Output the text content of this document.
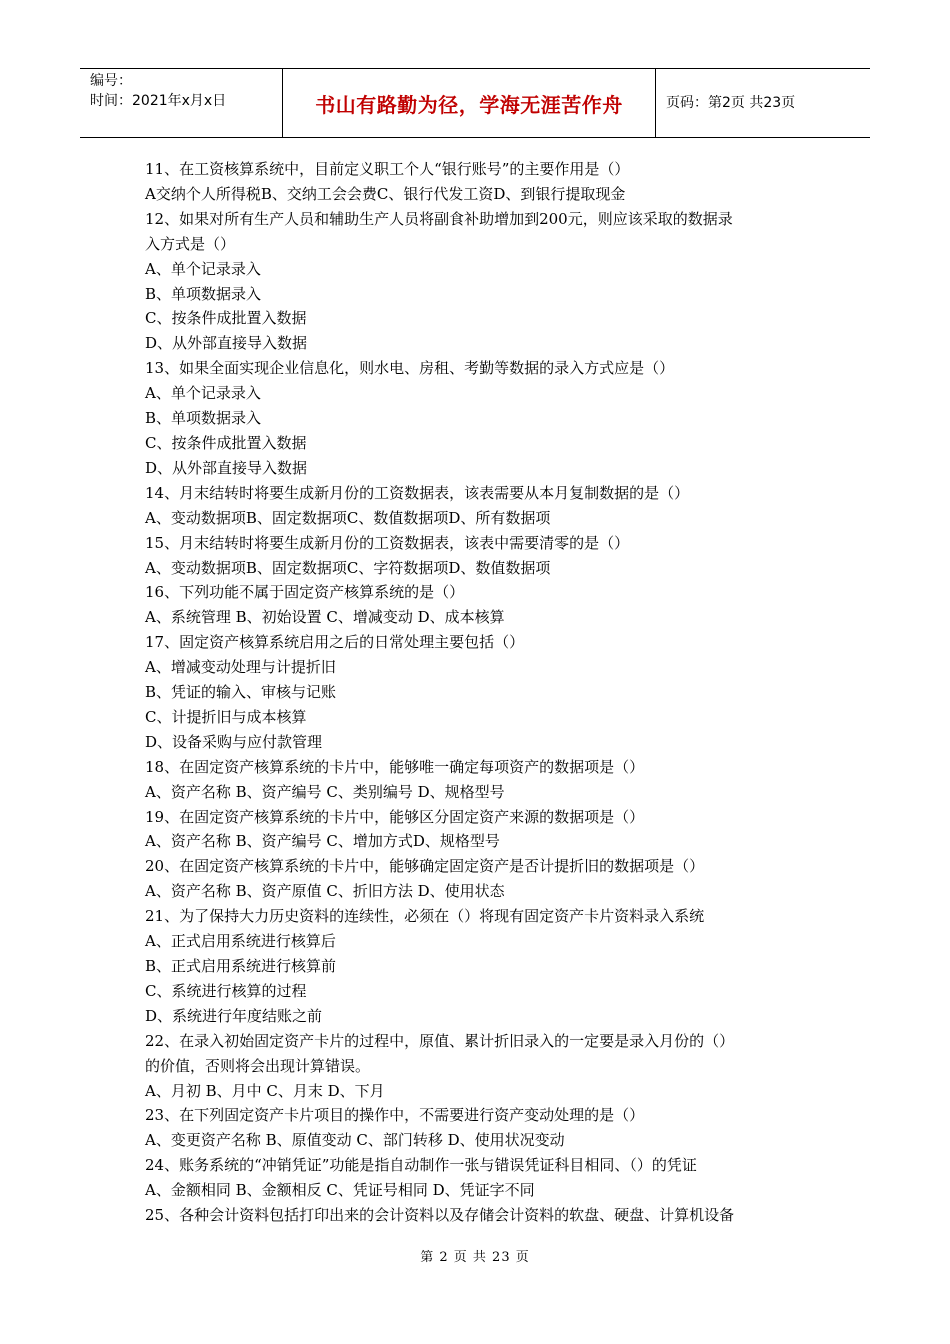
编号：
时间：2021年x月x日	书山有路勤为径，学海无涯苦作舟	页码：第2页 共23页
11、在工资核算系统中，目前定义职工个人“银行账号”的主要作用是（）
A交纳个人所得税B、交纳工会会费C、银行代发工资D、到银行提取现金
12、如果对所有生产人员和辅助生产人员将副食补助增加到200元，则应该采取的数据录
入方式是（）
A、单个记录录入
B、单项数据录入
C、按条件成批置入数据
D、从外部直接导入数据
13、如果全面实现企业信息化，则水电、房租、考勤等数据的录入方式应是（）
A、单个记录录入
B、单项数据录入
C、按条件成批置入数据
D、从外部直接导入数据
14、月末结转时将要生成新月份的工资数据表，该表需要从本月复制数据的是（）
A、变动数据项B、固定数据项C、数值数据项D、所有数据项
15、月末结转时将要生成新月份的工资数据表，该表中需要清零的是（）
A、变动数据项B、固定数据项C、字符数据项D、数值数据项
16、下列功能不属于固定资产核算系统的是（）
A、系统管理 B、初始设置 C、增减变动 D、成本核算
17、固定资产核算系统启用之后的日常处理主要包括（）
A、增减变动处理与计提折旧
B、凭证的输入、审核与记账
C、计提折旧与成本核算
D、设备采购与应付款管理
18、在固定资产核算系统的卡片中，能够唯一确定每项资产的数据项是（）
A、资产名称 B、资产编号 C、类别编号 D、规格型号
19、在固定资产核算系统的卡片中，能够区分固定资产来源的数据项是（）
A、资产名称 B、资产编号 C、增加方式D、规格型号
20、在固定资产核算系统的卡片中，能够确定固定资产是否计提折旧的数据项是（）
A、资产名称 B、资产原值 C、折旧方法 D、使用状态
21、为了保持大力历史资料的连续性，必须在（）将现有固定资产卡片资料录入系统
A、正式启用系统进行核算后
B、正式启用系统进行核算前
C、系统进行核算的过程
D、系统进行年度结账之前
22、在录入初始固定资产卡片的过程中，原值、累计折旧录入的一定要是录入月份的（）
的价值，否则将会出现计算错误。
A、月初 B、月中 C、月末 D、下月
23、在下列固定资产卡片项目的操作中，不需要进行资产变动处理的是（）
A、变更资产名称 B、原值变动 C、部门转移 D、使用状况变动
24、账务系统的“冲销凭证”功能是指自动制作一张与错误凭证科目相同、（）的凭证
A、金额相同 B、金额相反 C、凭证号相同 D、凭证字不同
25、各种会计资料包括打印出来的会计资料以及存储会计资料的软盘、硬盘、计算机设备
第 2 页 共 23 页
